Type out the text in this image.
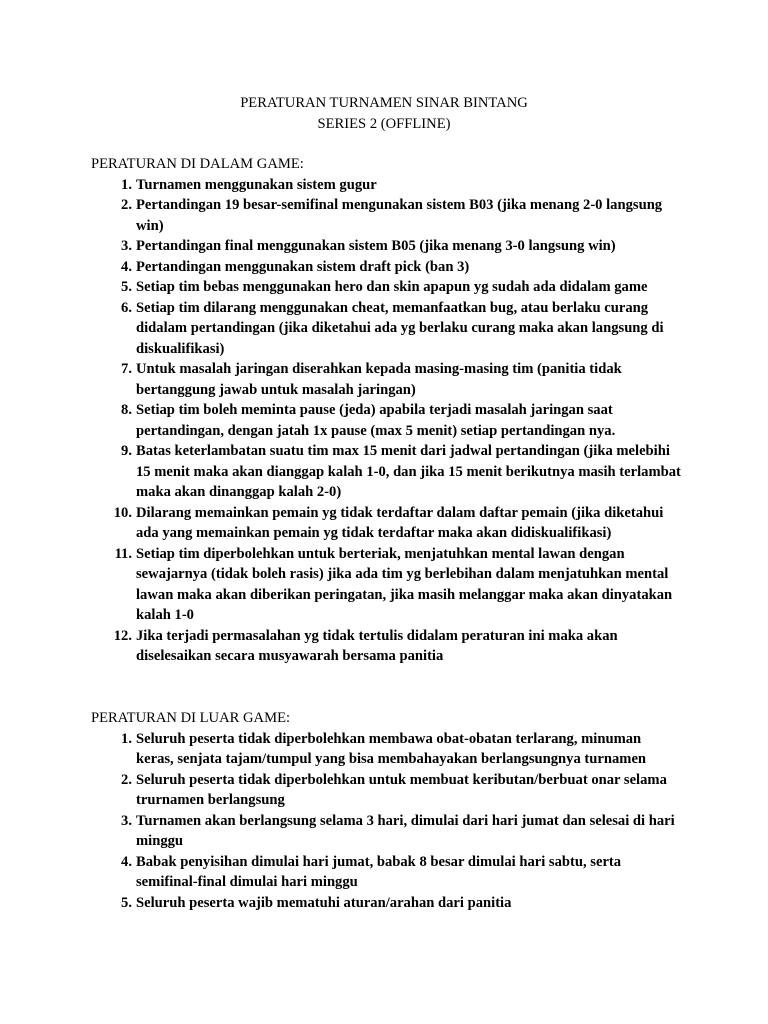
PERATURAN TURNAMEN SINAR BINTANG
SERIES 2 (OFFLINE)
PERATURAN DI DALAM GAME:
1. Turnamen menggunakan sistem gugur
2. Pertandingan 19 besar-semifinal mengunakan sistem B03 (jika menang 2-0 langsung win)
3. Pertandingan final menggunakan sistem B05 (jika menang 3-0 langsung win)
4. Pertandingan menggunakan sistem draft pick (ban 3)
5. Setiap tim bebas menggunakan hero dan skin apapun yg sudah ada didalam game
6. Setiap tim dilarang menggunakan cheat, memanfaatkan bug, atau berlaku curang didalam pertandingan (jika diketahui ada yg berlaku curang maka akan langsung di diskualifikasi)
7. Untuk masalah jaringan diserahkan kepada masing-masing tim (panitia tidak bertanggung jawab untuk masalah jaringan)
8. Setiap tim boleh meminta pause (jeda) apabila terjadi masalah jaringan saat pertandingan, dengan jatah 1x pause (max 5 menit) setiap pertandingan nya.
9. Batas keterlambatan suatu tim max 15 menit dari jadwal pertandingan (jika melebihi 15 menit maka akan dianggap kalah 1-0, dan jika 15 menit berikutnya masih terlambat maka akan dinanggap kalah 2-0)
10. Dilarang memainkan pemain yg tidak terdaftar dalam daftar pemain (jika diketahui ada yang memainkan pemain yg tidak terdaftar maka akan didiskualifikasi)
11. Setiap tim diperbolehkan untuk berteriak, menjatuhkan mental lawan dengan sewajarnya (tidak boleh rasis) jika ada tim yg berlebihan dalam menjatuhkan mental lawan maka akan diberikan peringatan, jika masih melanggar maka akan dinyatakan kalah 1-0
12. Jika terjadi permasalahan yg tidak tertulis didalam peraturan ini maka akan diselesaikan secara musyawarah bersama panitia
PERATURAN DI LUAR GAME:
1. Seluruh peserta tidak diperbolehkan membawa obat-obatan terlarang, minuman keras, senjata tajam/tumpul yang bisa membahayakan berlangsungnya turnamen
2. Seluruh peserta tidak diperbolehkan untuk membuat keributan/berbuat onar selama trurnamen berlangsung
3. Turnamen akan berlangsung selama 3 hari, dimulai dari hari jumat dan selesai di hari minggu
4. Babak penyisihan dimulai hari jumat, babak 8 besar dimulai hari sabtu, serta semifinal-final dimulai hari minggu
5. Seluruh peserta wajib mematuhi aturan/arahan dari panitia
